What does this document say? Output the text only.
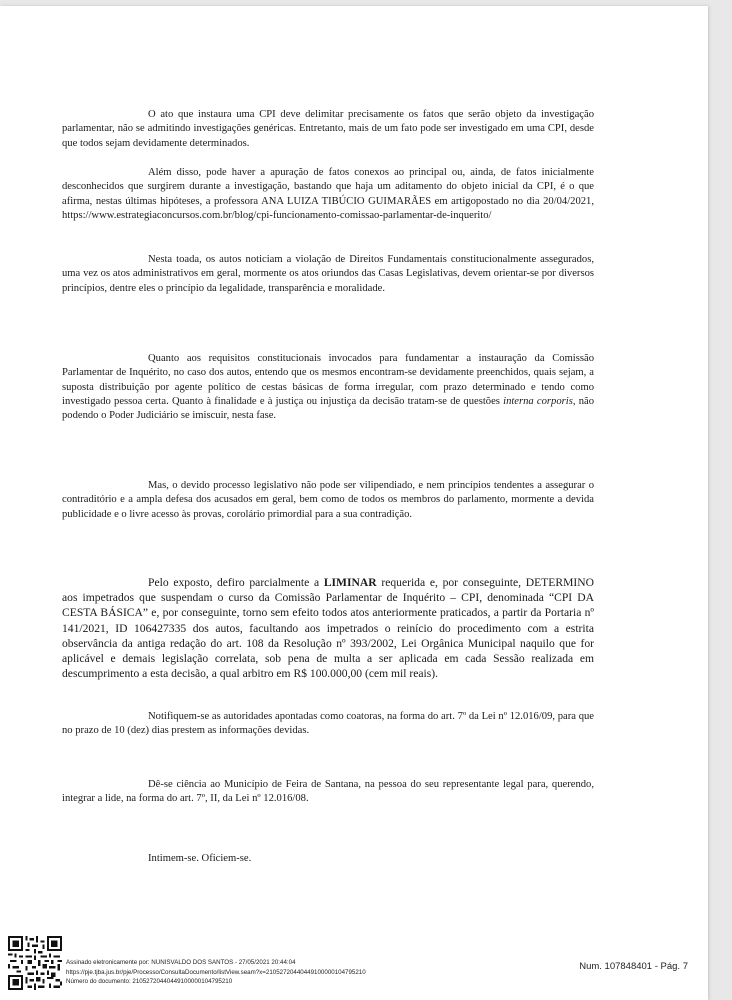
O ato que instaura uma CPI deve delimitar precisamente os fatos que serão objeto da investigação parlamentar, não se admitindo investigações genéricas. Entretanto, mais de um fato pode ser investigado em uma CPI, desde que todos sejam devidamente determinados.

Além disso, pode haver a apuração de fatos conexos ao principal ou, ainda, de fatos inicialmente desconhecidos que surgirem durante a investigação, bastando que haja um aditamento do objeto inicial da CPI, é o que afirma, nestas últimas hipóteses, a professora ANA LUIZA TIBÚCIO GUIMARÃES em artigopostado no dia 20/04/2021, https://www.estrategiaconcursos.com.br/blog/cpi-funcionamento-comissao-parlamentar-de-inquerito/

Nesta toada, os autos noticiam a violação de Direitos Fundamentais constitucionalmente assegurados, uma vez os atos administrativos em geral, mormente os atos oriundos das Casas Legislativas, devem orientar-se por diversos princípios, dentre eles o princípio da legalidade, transparência e moralidade.

Quanto aos requisitos constitucionais invocados para fundamentar a instauração da Comissão Parlamentar de Inquérito, no caso dos autos, entendo que os mesmos encontram-se devidamente preenchidos, quais sejam, a suposta distribuição por agente político de cestas básicas de forma irregular, com prazo determinado e tendo como investigado pessoa certa. Quanto à finalidade e à justiça ou injustiça da decisão tratam-se de questões interna corporis, não podendo o Poder Judiciário se imiscuir, nesta fase.

Mas, o devido processo legislativo não pode ser vilipendiado, e nem princípios tendentes a assegurar o contraditório e a ampla defesa dos acusados em geral, bem como de todos os membros do parlamento, mormente a devida publicidade e o livre acesso às provas, corolário primordial para a sua contradição.

Pelo exposto, defiro parcialmente a LIMINAR requerida e, por conseguinte, DETERMINO aos impetrados que suspendam o curso da Comissão Parlamentar de Inquérito – CPI, denominada “CPI DA CESTA BÁSICA” e, por conseguinte, torno sem efeito todos atos anteriormente praticados, a partir da Portaria nº 141/2021, ID 106427335 dos autos, facultando aos impetrados o reinício do procedimento com a estrita observância da antiga redação do art. 108 da Resolução nº 393/2002, Lei Orgânica Municipal naquilo que for aplicável e demais legislação correlata, sob pena de multa a ser aplicada em cada Sessão realizada em descumprimento a esta decisão, a qual arbitro em R$ 100.000,00 (cem mil reais).

Notifiquem-se as autoridades apontadas como coatoras, na forma do art. 7º da Lei nº 12.016/09, para que no prazo de 10 (dez) dias prestem as informações devidas.

Dê-se ciência ao Município de Feira de Santana, na pessoa do seu representante legal para, querendo, integrar a lide, na forma do art. 7º, II, da Lei nº 12.016/08.

Intimem-se. Oficiem-se.

Assinado eletronicamente por: NUNISVALDO DOS SANTOS - 27/05/2021 20:44:04
https://pje.tjba.jus.br/pje/Processo/ConsultaDocumento/listView.seam?x=21052720440449100000104795210
Número do documento: 21052720440449100000104795210
Num. 107848401 - Pág. 7
